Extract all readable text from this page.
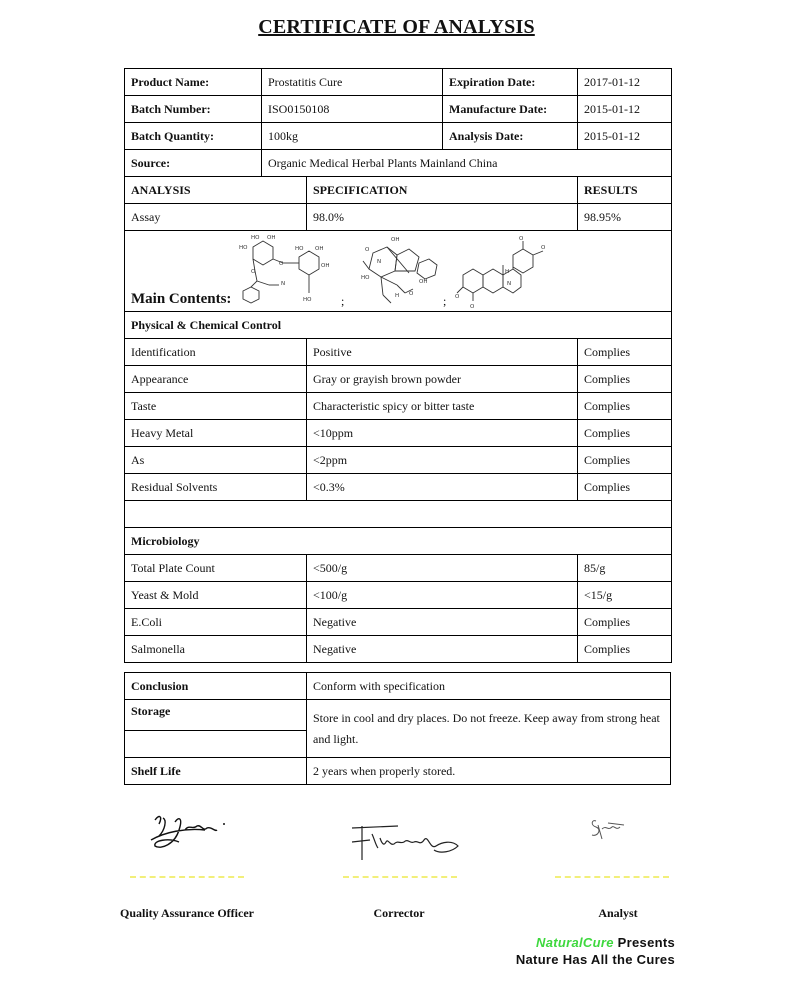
CERTIFICATE OF ANALYSIS
Product Name:	Prostatitis Cure		Expiration Date:	2017-01-12
Batch Number:	ISO0150108		Manufacture Date:	2015-01-12
Batch Quantity:	100kg		Analysis Date:	2015-01-12
Source:	Organic Medical Herbal Plants Mainland China			
ANALYSIS		SPECIFICATION		RESULTS
Assay		98.0%		98.95%

Main Contents:
HO OH
HO	HO OH
OH
N
HO
O
O
;
OH
O
N
HO
OH
O
H	;
O
O
N
O
O
H

Physical & Chemical Control				
Identification		Positive		Complies
Appearance		Gray or grayish brown powder		Complies
Taste		Characteristic spicy or bitter taste		Complies
Heavy Metal		<10ppm		Complies
As		<2ppm		Complies
Residual Solvents		<0.3%		Complies

Microbiology				
Total Plate Count		<500/g		85/g
Yeast & Mold		<100/g		<15/g
E.Coli		Negative		Complies
Salmonella		Negative		Complies
Conclusion	Conform with specification
Storage	Store in cool and dry places. Do not freeze. Keep away from strong heat and light.

Shelf Life	2 years when properly stored.
Quality Assurance Officer	Corrector	Analyst
NaturalCure Presents
Nature Has All the Cures
